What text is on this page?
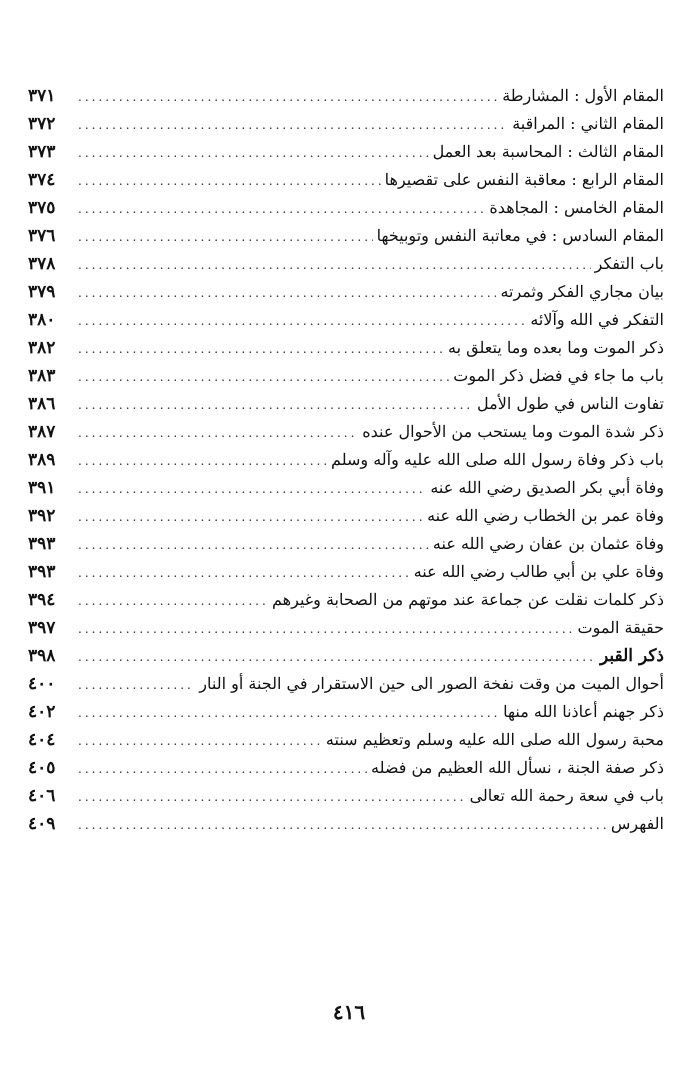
المقام الأول : المشارطة
.....
٣٧١
المقام الثاني : المراقبة
.....
٣٧٢
المقام الثالث : المحاسبة بعد العمل
.....
٣٧٣
المقام الرابع : معاقبة النفس على تقصيرها
.....
٣٧٤
المقام الخامس : المجاهدة
.....
٣٧٥
المقام السادس : في معاتبة النفس وتوبيخها
.....
٣٧٦
باب التفكر
.....
٣٧٨
بيان مجاري الفكر وثمرته
.....
٣٧٩
التفكر في الله وآلائه
.....
٣٨٠
ذكر الموت وما بعده وما يتعلق به
.....
٣٨٢
باب ما جاء في فضل ذكر الموت
.....
٣٨٣
تفاوت الناس في طول الأمل
.....
٣٨٦
ذكر شدة الموت وما يستحب من الأحوال عنده
.....
٣٨٧
باب ذكر وفاة رسول الله صلى الله عليه وآله وسلم
.....
٣٨٩
وفاة أبي بكر الصديق رضي الله عنه
.....
٣٩١
وفاة عمر بن الخطاب رضي الله عنه
.....
٣٩٢
وفاة عثمان بن عفان رضي الله عنه
.....
٣٩٣
وفاة علي بن أبي طالب رضي الله عنه
.....
٣٩٣
ذكر كلمات نقلت عن جماعة عند موتهم من الصحابة وغيرهم
.....
٣٩٤
حقيقة الموت
.....
٣٩٧
ذكر القبر
.....
٣٩٨
أحوال الميت من وقت نفخة الصور الى حين الاستقرار في الجنة أو النار
.....
٤٠٠
ذكر جهنم أعاذنا الله منها
.....
٤٠٢
محبة رسول الله صلى الله عليه وسلم وتعظيم سنته
.....
٤٠٤
ذكر صفة الجنة ، نسأل الله العظيم من فضله
.....
٤٠٥
باب في سعة رحمة الله تعالى
.....
٤٠٦
الفهرس
.....
٤٠٩
٤١٦
